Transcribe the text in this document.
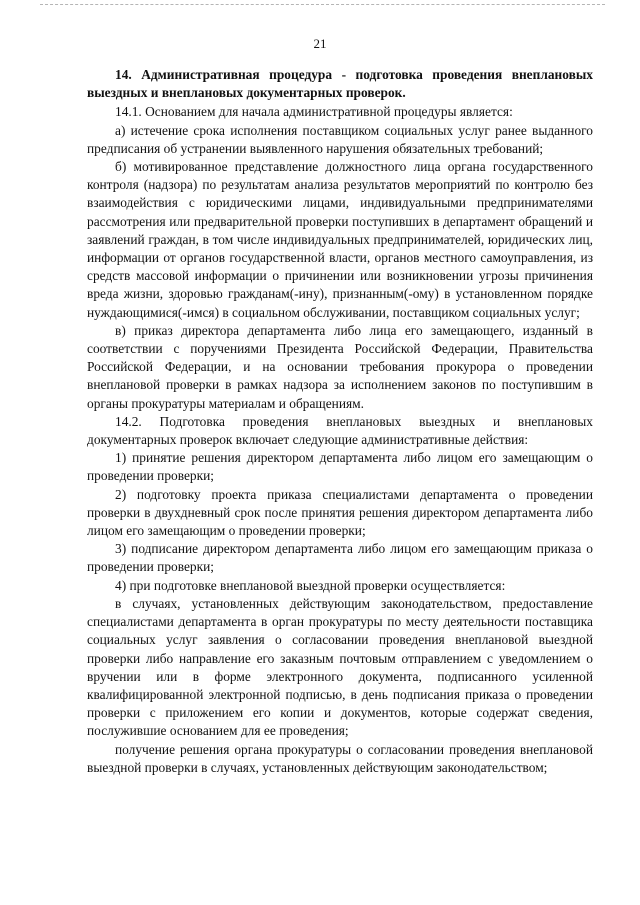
21

14. Административная процедура - подготовка проведения внеплановых выездных и внеплановых документарных проверок.

14.1. Основанием для начала административной процедуры является:

а) истечение срока исполнения поставщиком социальных услуг ранее выданного предписания об устранении выявленного нарушения обязательных требований;

б) мотивированное представление должностного лица органа государственного контроля (надзора) по результатам анализа результатов мероприятий по контролю без взаимодействия с юридическими лицами, индивидуальными предпринимателями рассмотрения или предварительной проверки поступивших в департамент обращений и заявлений граждан, в том числе индивидуальных предпринимателей, юридических лиц, информации от органов государственной власти, органов местного самоуправления, из средств массовой информации о причинении или возникновении угрозы причинения вреда жизни, здоровью гражданам(-ину), признанным(-ому) в установленном порядке нуждающимися(-имся) в социальном обслуживании, поставщиком социальных услуг;

в) приказ директора департамента либо лица его замещающего, изданный в соответствии с поручениями Президента Российской Федерации, Правительства Российской Федерации, и на основании требования прокурора о проведении внеплановой проверки в рамках надзора за исполнением законов по поступившим в органы прокуратуры материалам и обращениям.

14.2. Подготовка проведения внеплановых выездных и внеплановых документарных проверок включает следующие административные действия:

1) принятие решения директором департамента либо лицом его замещающим о проведении проверки;

2) подготовку проекта приказа специалистами департамента о проведении проверки в двухдневный срок после принятия решения директором департамента либо лицом его замещающим о проведении проверки;

3) подписание директором департамента либо лицом его замещающим приказа о проведении проверки;

4) при подготовке внеплановой выездной проверки осуществляется:

в случаях, установленных действующим законодательством, предоставление специалистами департамента в орган прокуратуры по месту деятельности поставщика социальных услуг заявления о согласовании проведения внеплановой выездной проверки либо направление его заказным почтовым отправлением с уведомлением о вручении или в форме электронного документа, подписанного усиленной квалифицированной электронной подписью, в день подписания приказа о проведении проверки с приложением его копии и документов, которые содержат сведения, послужившие основанием для ее проведения;

получение решения органа прокуратуры о согласовании проведения внеплановой выездной проверки в случаях, установленных действующим законодательством;
